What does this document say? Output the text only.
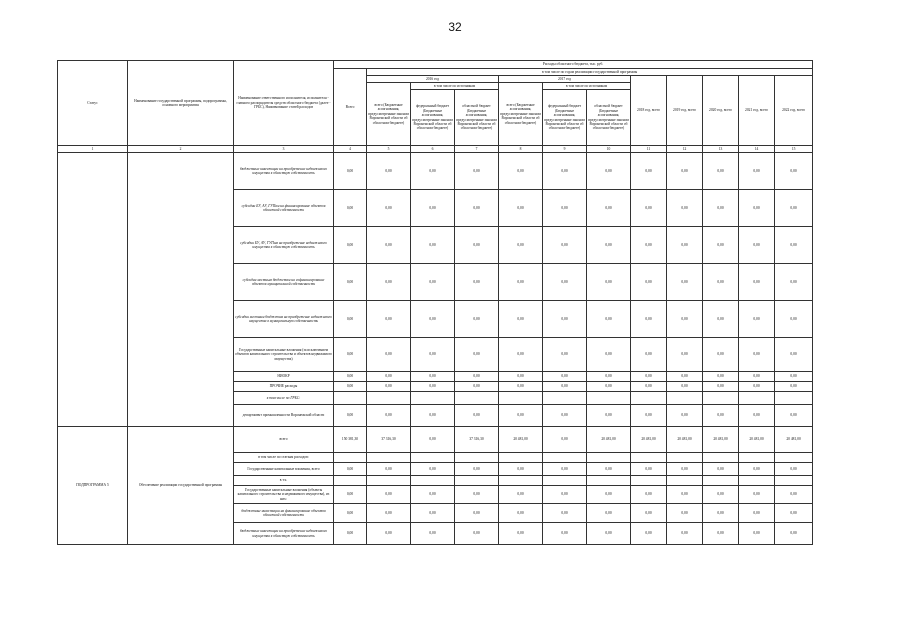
32
Статус	Наименование государственной программы, подпрограммы, основного мероприятия	Наименование ответственного исполнителя, исполнителя - главного распорядителя средств областного бюджета (далее - ГРБС), Наименование статей расходов	Расходы областного бюджета, тыс. руб.											
			Всего	в том числе по годам реализации государственной программы										
				2016 год			2017 год			2018 год, всего	2019 год, всего	2020 год, всего	2021 год, всего	2022 год, всего
				всего (Бюджетные ассигнования, предусмотренные законом Воронежской области об областном бюджете)	в том числе по источникам		всего (Бюджетные ассигнования, предусмотренные законом Воронежской области об областном бюджете)	в том числе по источникам						
					федеральный бюджет (Бюджетные ассигнования, предусмотренные законом Воронежской области об областном бюджете)	областной бюджет (Бюджетные ассигнования, предусмотренные законом Воронежской области об областном бюджете)		федеральный бюджет (Бюджетные ассигнования, предусмотренные законом Воронежской области об областном бюджете)	областной бюджет (Бюджетные ассигнования, предусмотренные законом Воронежской области об областном бюджете)					
1	2	3	4	5	6	7	8	9	10	11	12	13	14	15
		бюджетные инвестиции на приобретение недвижимого имущества в областную собственность	0,00	0,00	0,00	0,00	0,00	0,00	0,00	0,00	0,00	0,00	0,00	0,00
		субсидии БУ, АУ, ГУПам на финансирование объектов областной собственности	0,00	0,00	0,00	0,00	0,00	0,00	0,00	0,00	0,00	0,00	0,00	0,00
		субсидии БУ, АУ, ГУПам на приобретение недвижимого имущества в областную собственность	0,00	0,00	0,00	0,00	0,00	0,00	0,00	0,00	0,00	0,00	0,00	0,00
		субсидии местным бюджетам на софинансирование объектов муниципальной собственности	0,00	0,00	0,00	0,00	0,00	0,00	0,00	0,00	0,00	0,00	0,00	0,00
		субсидии местным бюджетам на приобретение недвижимого имущества в муниципальную собственность	0,00	0,00	0,00	0,00	0,00	0,00	0,00	0,00	0,00	0,00	0,00	0,00
		Государственные капитальные вложения (за исключением объектов капитального строительства и объектов недвижимого имущества)	0,00	0,00	0,00	0,00	0,00	0,00	0,00	0,00	0,00	0,00	0,00	0,00
		НИОКР	0,00	0,00	0,00	0,00	0,00	0,00	0,00	0,00	0,00	0,00	0,00	0,00
		ПРОЧИЕ расходы	0,00	0,00	0,00	0,00	0,00	0,00	0,00	0,00	0,00	0,00	0,00	0,00
		в том числе по ГРБС:												
		департамент промышленности Воронежской области	0,00	0,00	0,00	0,00	0,00	0,00	0,00	0,00	0,00	0,00	0,00	0,00
ПОДПРОГРАММА 5	Обеспечение реализации государственной программы	всего	150 381,30	37 316,30	0,00	37 316,30	20 481,00	0,00	20 481,00	20 481,00	20 481,00	20 481,00	20 481,00	20 481,00
		в том числе по статьям расходов:												
		Государственные капитальные вложения, всего	0,00	0,00	0,00	0,00	0,00	0,00	0,00	0,00	0,00	0,00	0,00	0,00
		в т.ч.												
		Государственные капитальные вложения (объекты капитального строительства и недвижимого имущества), из них:	0,00	0,00	0,00	0,00	0,00	0,00	0,00	0,00	0,00	0,00	0,00	0,00
		бюджетные инвестиции на финансирование объектов областной собственности	0,00	0,00	0,00	0,00	0,00	0,00	0,00	0,00	0,00	0,00	0,00	0,00
		бюджетные инвестиции на приобретение недвижимого имущества в областную собственность	0,00	0,00	0,00	0,00	0,00	0,00	0,00	0,00	0,00	0,00	0,00	0,00
